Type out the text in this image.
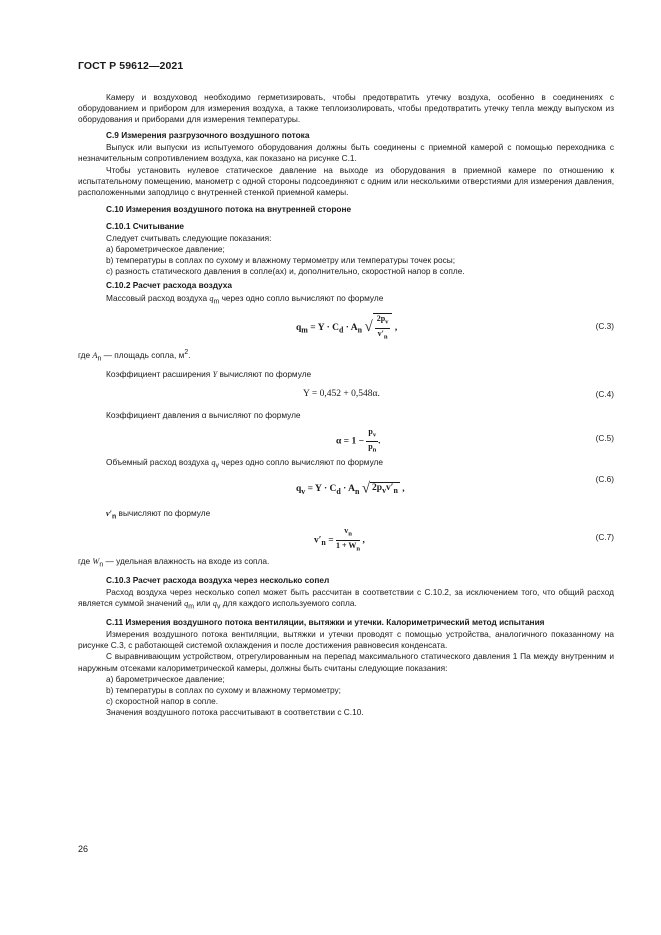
ГОСТ Р 59612—2021

Камеру и воздуховод необходимо герметизировать, чтобы предотвратить утечку воздуха, особенно в соединениях с оборудованием и прибором для измерения воздуха, а также теплоизолировать, чтобы предотвратить утечку тепла между выпуском из оборудования и приборами для измерения температуры.

С.9 Измерения разгрузочного воздушного потока

Выпуск или выпуски из испытуемого оборудования должны быть соединены с приемной камерой с помощью переходника с незначительным сопротивлением воздуха, как показано на рисунке С.1.

Чтобы установить нулевое статическое давление на выходе из оборудования в приемной камере по отношению к испытательному помещению, манометр с одной стороны подсоединяют с одним или несколькими отверстиями для измерения давления, расположенными заподлицо с внутренней стенкой приемной камеры.

С.10 Измерения воздушного потока на внутренней стороне

С.10.1 Считывание

Следует считывать следующие показания:

a) барометрическое давление;

b) температуры в соплах по сухому и влажному термометру или температуры точек росы;

c) разность статического давления в сопле(ах) и, дополнительно, скоростной напор в сопле.

С.10.2 Расчет расхода воздуха

Массовый расход воздуха $q_m$ через одно сопло вычисляют по формуле

$q_m = Y \cdot C_d \cdot A_n$ √ $\frac{2p_v}{v'_n}$ ,	(С.3)

где $A_n$ — площадь сопла, $м^2$.

Коэффициент расширения Y вычисляют по формуле

Y = 0,452 + 0,548α.	(С.4)

Коэффициент давления α вычисляют по формуле

$\alpha = 1 - \frac{p_v}{p_n}$ .	(С.5)

Объемный расход воздуха $q_v$ через одно сопло вычисляют по формуле

$q_v = Y \cdot C_d \cdot A_n$ √ $2p_vv'_n$ ,
(С.6)

$v'_n$ вычисляют по формуле

$v'_n = \frac{v_n}{1 + W_n}$ ,	(С.7)

где $W_n$ — удельная влажность на входе из сопла.

С.10.3 Расчет расхода воздуха через несколько сопел

Расход воздуха через несколько сопел может быть рассчитан в соответствии с С.10.2, за исключением того, что общий расход является суммой значений $q_m$ или $q_v$ для каждого используемого сопла.

С.11 Измерения воздушного потока вентиляции, вытяжки и утечки. Калориметрический метод испытания

Измерения воздушного потока вентиляции, вытяжки и утечки проводят с помощью устройства, аналогичного показанному на рисунке С.3, с работающей системой охлаждения и после достижения равновесия конденсата.

С выравнивающим устройством, отрегулированным на перепад максимального статического давления 1 Па между внутренним и наружным отсеками калориметрической камеры, должны быть считаны следующие показания:

a) барометрическое давление;

b) температуры в соплах по сухому и влажному термометру;

c) скоростной напор в сопле.

Значения воздушного потока рассчитывают в соответствии с С.10.

26
